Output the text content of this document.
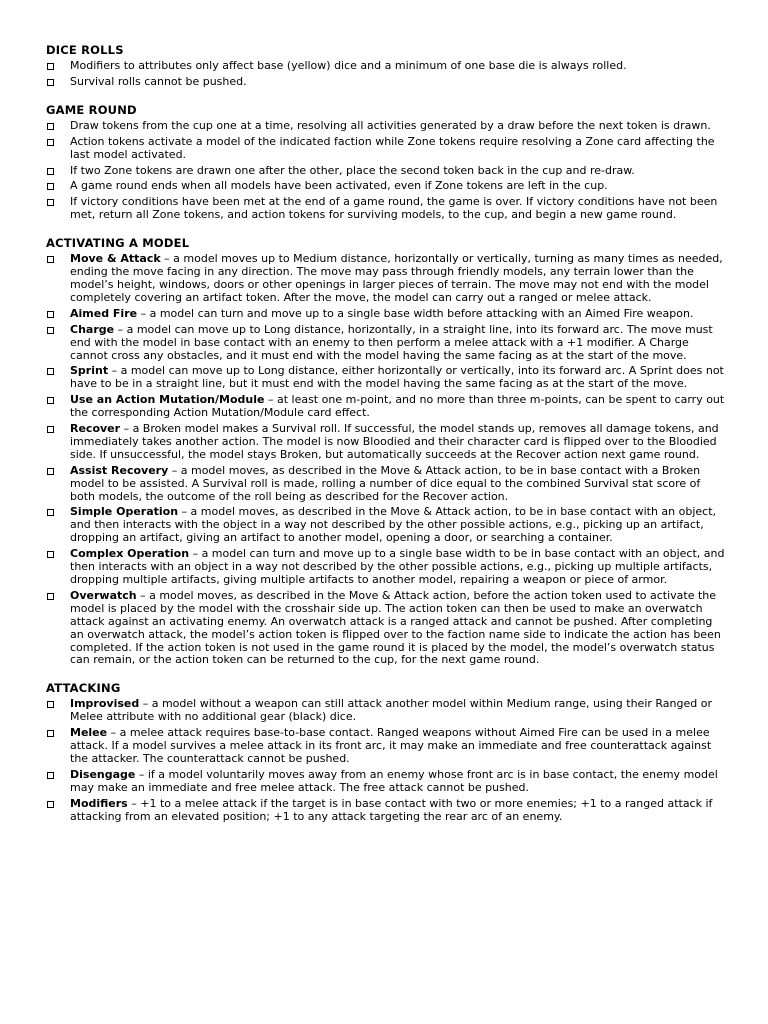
DICE ROLLS
Modifiers to attributes only affect base (yellow) dice and a minimum of one base die is always rolled.
Survival rolls cannot be pushed.
GAME ROUND
Draw tokens from the cup one at a time, resolving all activities generated by a draw before the next token is drawn.
Action tokens activate a model of the indicated faction while Zone tokens require resolving a Zone card affecting the last model activated.
If two Zone tokens are drawn one after the other, place the second token back in the cup and re-draw.
A game round ends when all models have been activated, even if Zone tokens are left in the cup.
If victory conditions have been met at the end of a game round, the game is over. If victory conditions have not been met, return all Zone tokens, and action tokens for surviving models, to the cup, and begin a new game round.
ACTIVATING A MODEL
Move & Attack – a model moves up to Medium distance, horizontally or vertically, turning as many times as needed, ending the move facing in any direction. The move may pass through friendly models, any terrain lower than the model’s height, windows, doors or other openings in larger pieces of terrain. The move may not end with the model completely covering an artifact token. After the move, the model can carry out a ranged or melee attack.
Aimed Fire – a model can turn and move up to a single base width before attacking with an Aimed Fire weapon.
Charge – a model can move up to Long distance, horizontally, in a straight line, into its forward arc. The move must end with the model in base contact with an enemy to then perform a melee attack with a +1 modifier. A Charge cannot cross any obstacles, and it must end with the model having the same facing as at the start of the move.
Sprint – a model can move up to Long distance, either horizontally or vertically, into its forward arc. A Sprint does not have to be in a straight line, but it must end with the model having the same facing as at the start of the move.
Use an Action Mutation/Module – at least one m-point, and no more than three m-points, can be spent to carry out the corresponding Action Mutation/Module card effect.
Recover – a Broken model makes a Survival roll. If successful, the model stands up, removes all damage tokens, and immediately takes another action. The model is now Bloodied and their character card is flipped over to the Bloodied side. If unsuccessful, the model stays Broken, but automatically succeeds at the Recover action next game round.
Assist Recovery – a model moves, as described in the Move & Attack action, to be in base contact with a Broken model to be assisted. A Survival roll is made, rolling a number of dice equal to the combined Survival stat score of both models, the outcome of the roll being as described for the Recover action.
Simple Operation – a model moves, as described in the Move & Attack action, to be in base contact with an object, and then interacts with the object in a way not described by the other possible actions, e.g., picking up an artifact, dropping an artifact, giving an artifact to another model, opening a door, or searching a container.
Complex Operation – a model can turn and move up to a single base width to be in base contact with an object, and then interacts with an object in a way not described by the other possible actions, e.g., picking up multiple artifacts, dropping multiple artifacts, giving multiple artifacts to another model, repairing a weapon or piece of armor.
Overwatch – a model moves, as described in the Move & Attack action, before the action token used to activate the model is placed by the model with the crosshair side up. The action token can then be used to make an overwatch attack against an activating enemy. An overwatch attack is a ranged attack and cannot be pushed. After completing an overwatch attack, the model’s action token is flipped over to the faction name side to indicate the action has been completed. If the action token is not used in the game round it is placed by the model, the model’s overwatch status can remain, or the action token can be returned to the cup, for the next game round.
ATTACKING
Improvised – a model without a weapon can still attack another model within Medium range, using their Ranged or Melee attribute with no additional gear (black) dice.
Melee – a melee attack requires base-to-base contact. Ranged weapons without Aimed Fire can be used in a melee attack. If a model survives a melee attack in its front arc, it may make an immediate and free counterattack against the attacker. The counterattack cannot be pushed.
Disengage – if a model voluntarily moves away from an enemy whose front arc is in base contact, the enemy model may make an immediate and free melee attack. The free attack cannot be pushed.
Modifiers – +1 to a melee attack if the target is in base contact with two or more enemies; +1 to a ranged attack if attacking from an elevated position; +1 to any attack targeting the rear arc of an enemy.
